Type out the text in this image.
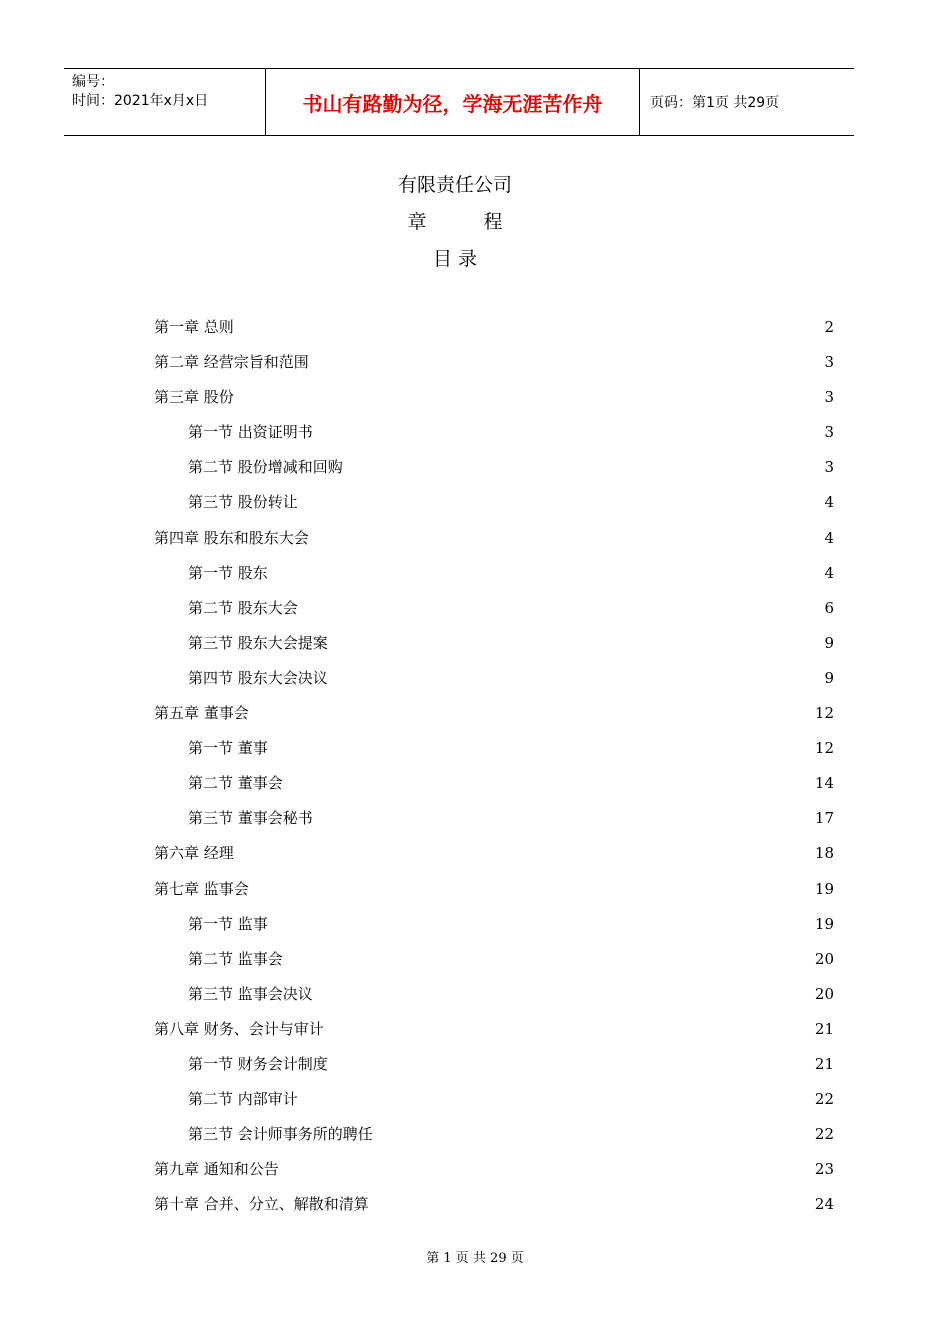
编号：
时间：2021年x月x日	书山有路勤为径，学海无涯苦作舟	页码：第1页 共29页
有限责任公司
章　　　程
目 录
第一章 总则	2
第二章 经营宗旨和范围	3
第三章 股份	3
第一节 出资证明书	3
第二节 股份增减和回购	3
第三节 股份转让	4
第四章 股东和股东大会	4
第一节 股东	4
第二节 股东大会	6
第三节 股东大会提案	9
第四节 股东大会决议	9
第五章 董事会	12
第一节 董事	12
第二节 董事会	14
第三节 董事会秘书	17
第六章 经理	18
第七章 监事会	19
第一节 监事	19
第二节 监事会	20
第三节 监事会决议	20
第八章 财务、会计与审计	21
第一节 财务会计制度	21
第二节 内部审计	22
第三节 会计师事务所的聘任	22
第九章 通知和公告	23
第十章 合并、分立、解散和清算	24
第 1 页 共 29 页
